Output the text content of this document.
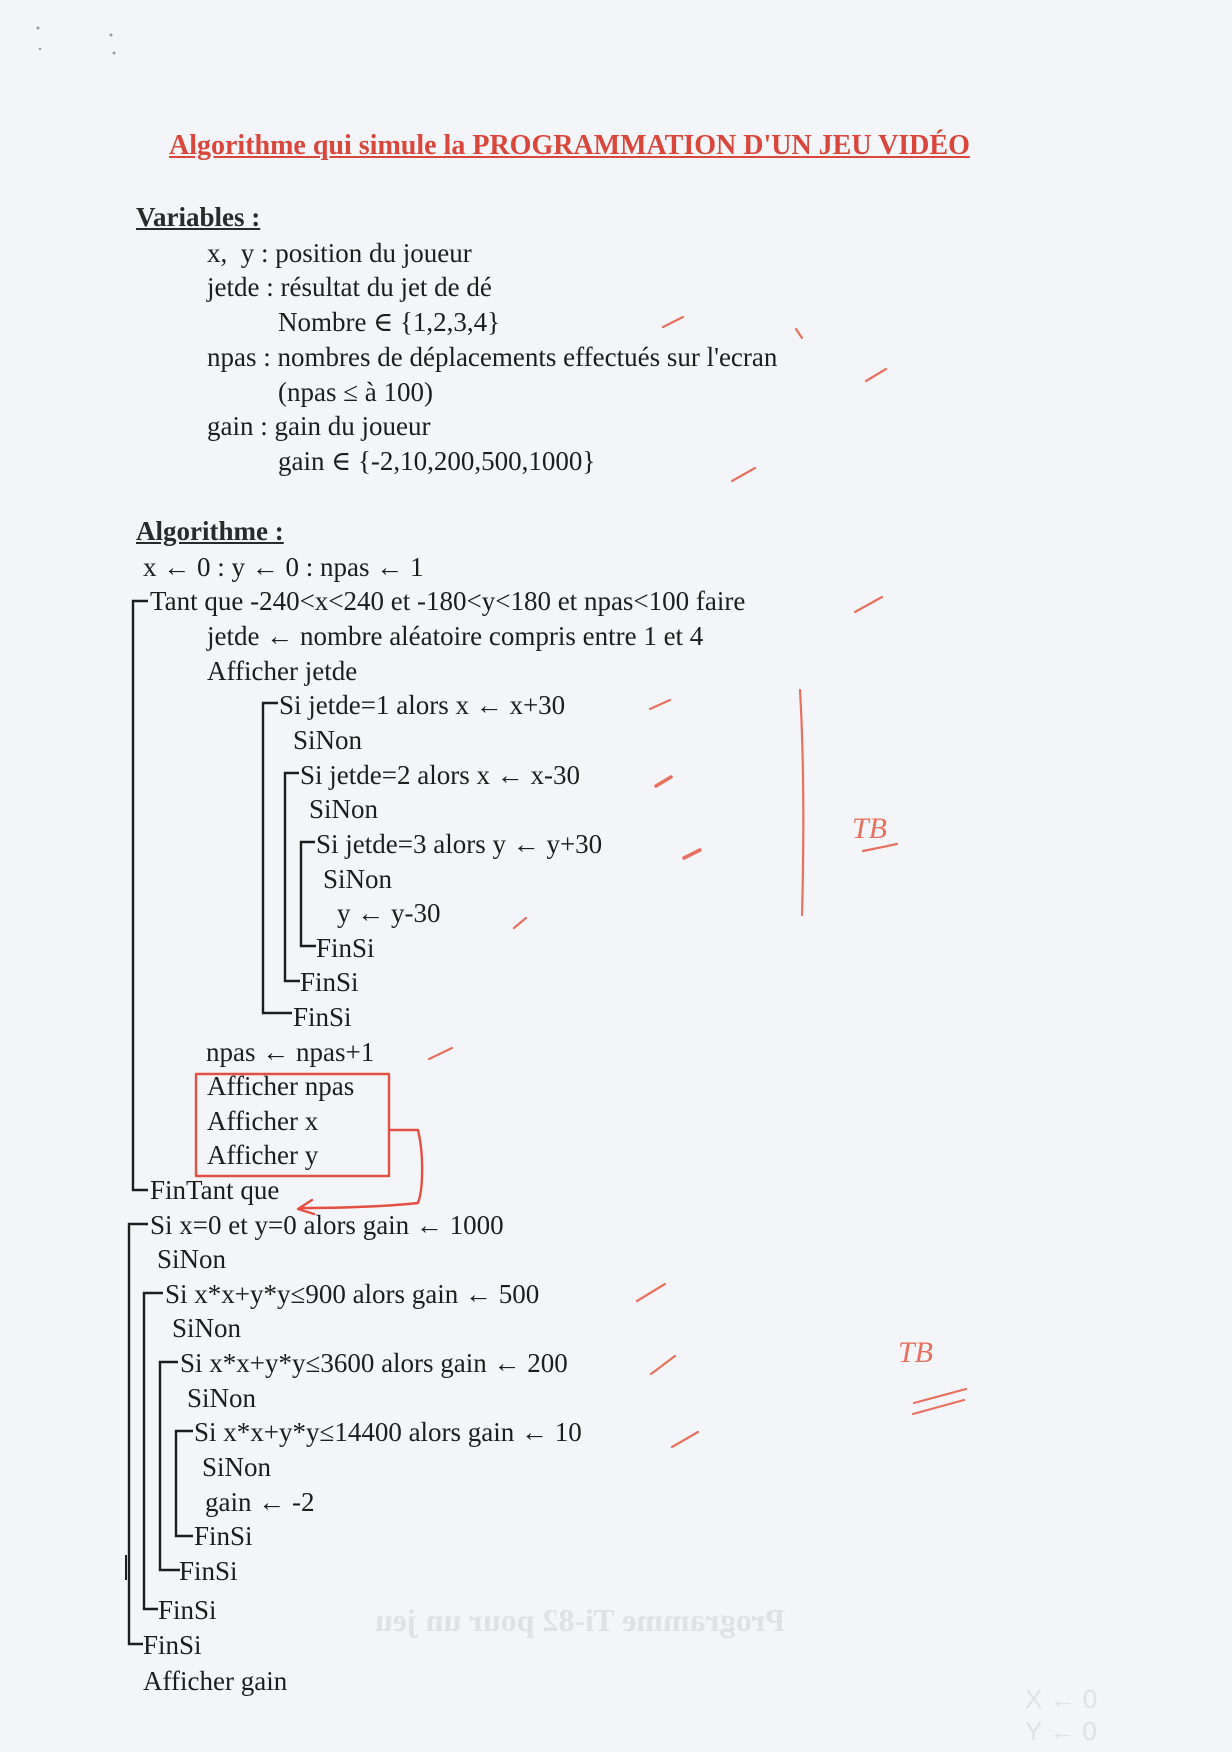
Programme Ti-82 pour un jeu
X ← 0
Y ← 0
Algorithme qui simule la PROGRAMMATION D'UN JEU VIDÉO
Variables :
x,  y : position du joueur
jetde : résultat du jet de dé
Nombre ∈ {1,2,3,4}
npas : nombres de déplacements effectués sur l'ecran
(npas ≤ à 100)
gain : gain du joueur
gain ∈ {-2,10,200,500,1000}
Algorithme :
x ← 0 : y ← 0 : npas ← 1
Tant que -240<x<240 et -180<y<180 et npas<100 faire
jetde ← nombre aléatoire compris entre 1 et 4
Afficher jetde
Si jetde=1 alors x ← x+30
SiNon
Si jetde=2 alors x ← x-30
SiNon
Si jetde=3 alors y ← y+30
SiNon
y ← y-30
FinSi
FinSi
FinSi
npas ← npas+1
Afficher npas
Afficher x
Afficher y
FinTant que
Si x=0 et y=0 alors gain ← 1000
SiNon
Si x*x+y*y≤900 alors gain ← 500
SiNon
Si x*x+y*y≤3600 alors gain ← 200
SiNon
Si x*x+y*y≤14400 alors gain ← 10
SiNon
gain ← -2
FinSi
FinSi
FinSi
FinSi
Afficher gain
TB
TB
